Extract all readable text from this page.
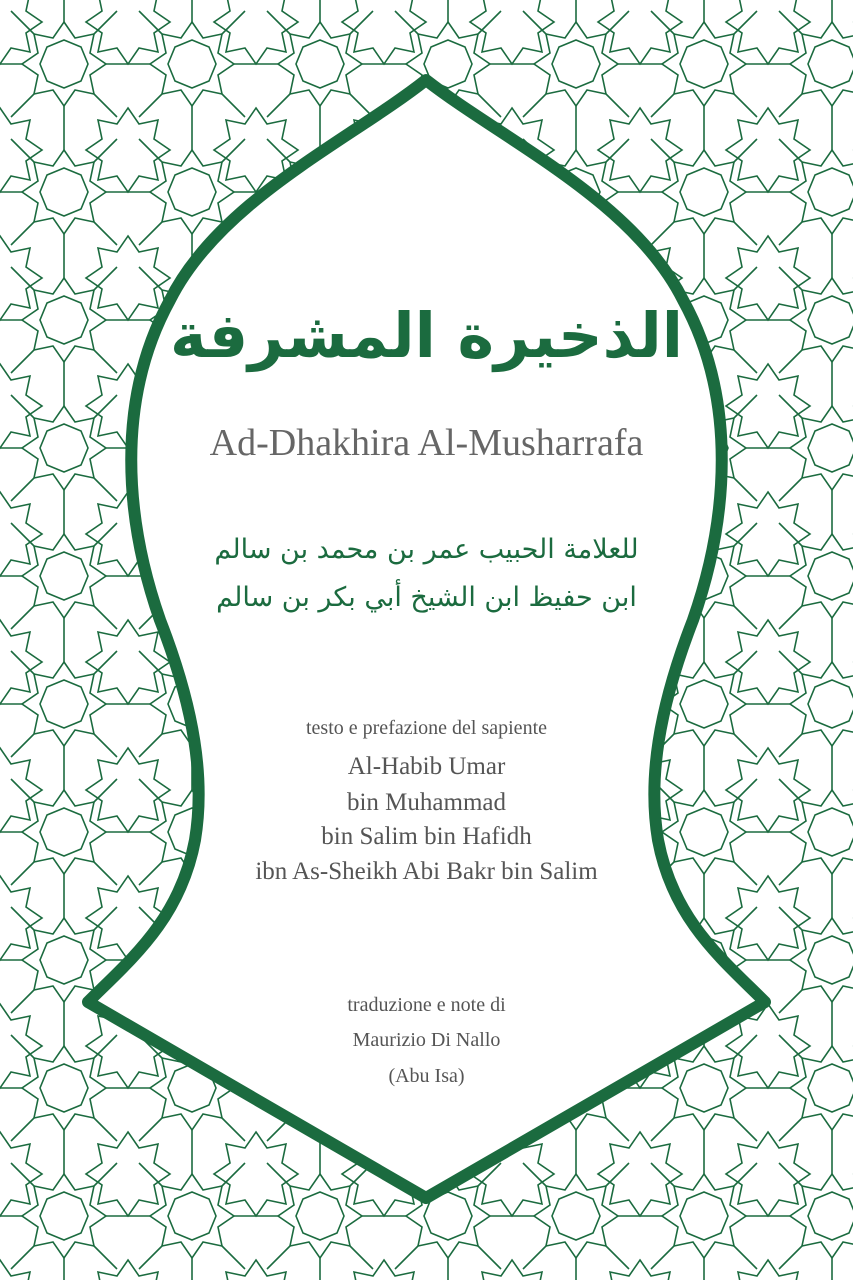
الذخيرة المشرفة
Ad-Dhakhira Al-Musharrafa
للعلامة الحبيب عمر بن محمد بن سالم
ابن حفيظ ابن الشيخ أبي بكر بن سالم
testo e prefazione del sapiente
Al-Habib Umar
bin Muhammad
bin Salim bin Hafidh
ibn As-Sheikh Abi Bakr bin Salim
traduzione e note di
Maurizio Di Nallo
(Abu Isa)
